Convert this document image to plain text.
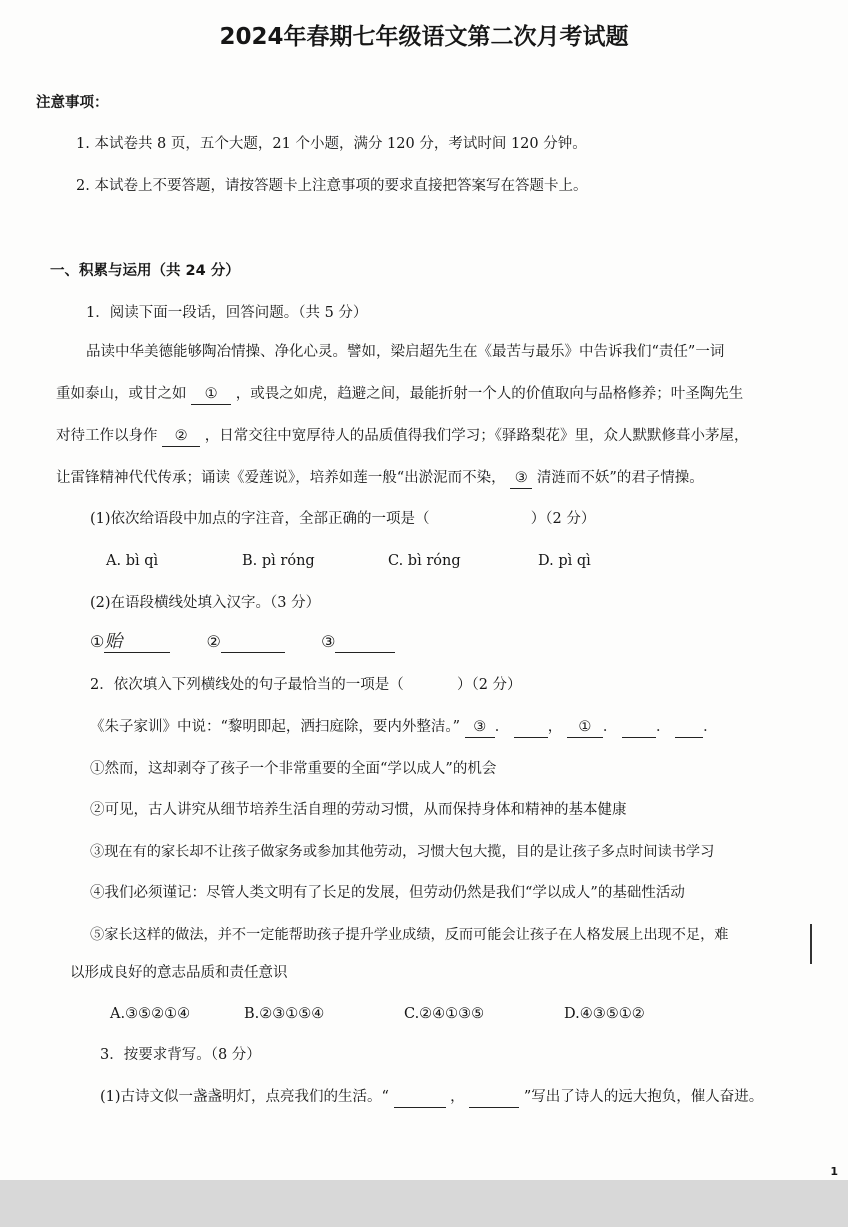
2024年春期七年级语文第二次月考试题
注意事项：
1. 本试卷共 8 页，五个大题，21 个小题，满分 120 分，考试时间 120 分钟。
2. 本试卷上不要答题，请按答题卡上注意事项的要求直接把答案写在答题卡上。
一、积累与运用（共 24 分）
1．阅读下面一段话，回答问题。（共 5 分）
品读中华美德能够陶冶情操、净化心灵。譬如，梁启超先生在《最苦与最乐》中告诉我们“责任”一词
重如泰山，或甘之如 ① ，或畏之如虎，趋避之间，最能折射一个人的价值取向与品格修养；叶圣陶先生
对待工作以身作 ② ，日常交往中宽厚待人的品质值得我们学习；《驿路梨花》里，众人默默修葺小茅屋，
让雷锋精神代代传承；诵读《爱莲说》，培养如莲一般“出淤泥而不染， ③ 清涟而不妖”的君子情操。
(1)依次给语段中加点的字注音，全部正确的一项是（	）（2 分）
A. bì qì	B. pì róng	C. bì róng	D. pì qì
(2)在语段横线处填入汉字。（3 分）
①贻	②	③
2．依次填入下列横线处的句子最恰当的一项是（	）（2 分）
《朱子家训》中说：“黎明即起，洒扫庭除，要内外整洁。” ③ ．	， ① ．	． ．
①然而，这却剥夺了孩子一个非常重要的全面“学以成人”的机会
②可见，古人讲究从细节培养生活自理的劳动习惯，从而保持身体和精神的基本健康
③现在有的家长却不让孩子做家务或参加其他劳动，习惯大包大揽，目的是让孩子多点时间读书学习
④我们必须谨记：尽管人类文明有了长足的发展，但劳动仍然是我们“学以成人”的基础性活动
⑤家长这样的做法，并不一定能帮助孩子提升学业成绩，反而可能会让孩子在人格发展上出现不足，难
以形成良好的意志品质和责任意识
A.③⑤②①④	B.②③①⑤④	C.②④①③⑤	D.④③⑤①②
3．按要求背写。（8 分）
(1)古诗文似一盏盏明灯，点亮我们的生活。“	，	”写出了诗人的远大抱负，催人奋进。
1
